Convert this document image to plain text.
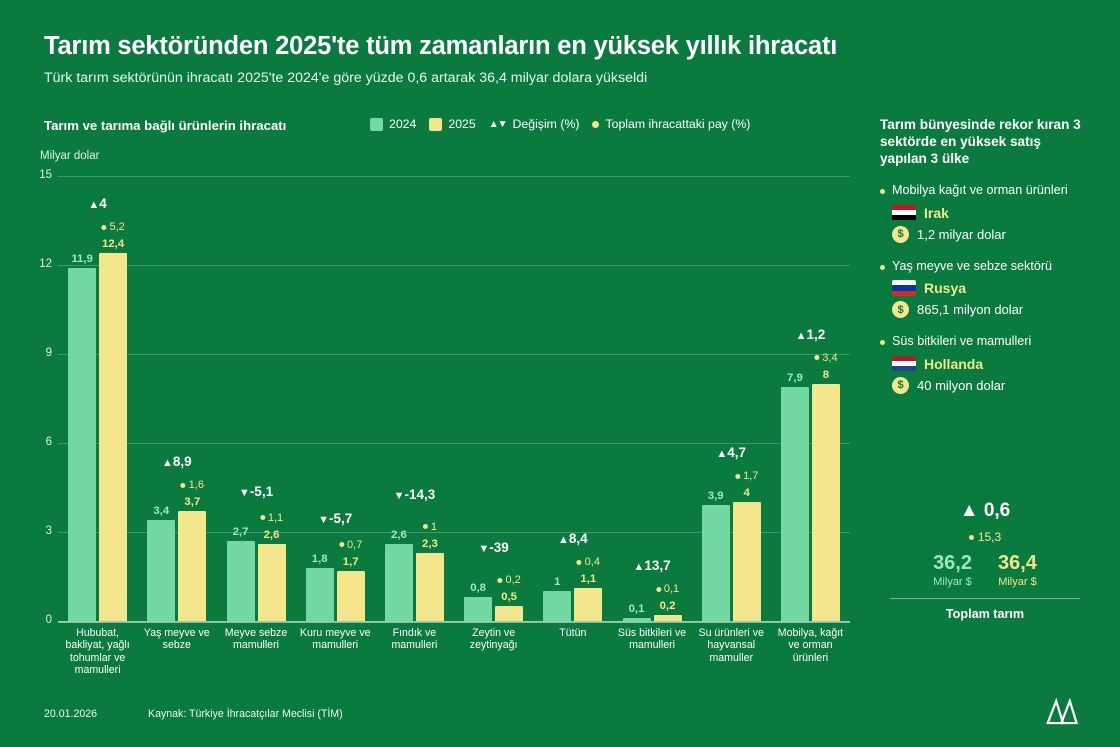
Tarım sektöründen 2025'te tüm zamanların en yüksek yıllık ihracatı
Türk tarım sektörünün ihracatı 2025'te 2024'e göre yüzde 0,6 artarak 36,4 milyar dolara yükseldi
Tarım ve tarıma bağlı ürünlerin ihracatı	2024	2025 ▲▼ Değişim (%) Toplam ihracattaki pay (%)
Milyar dolar
0
3
6
9
12
15
11,9
12,4
5,2
▲4
3,4
3,7
1,6
▲8,9
2,7 2,6
1,1
▼-5,1
1,8 1,7
0,7
▼-5,7
2,6
2,3
1
▼-14,3
0,8
0,5
0,2
▼-39
1 1,1
0,4
▲8,4
0,1 0,2
0,1
▲13,7
3,9 4
1,7
▲4,7
7,9 8
3,4
▲1,2
Hububat, bakliyat, yağlı tohumlar ve mamulleri
Yaş meyve ve sebze
Meyve sebze mamulleri
Kuru meyve ve mamulleri
Fındık ve mamulleri
Zeytin ve zeytinyağı
Tütün	Süs bitkileri ve mamulleri
Su ürünleri ve hayvansal mamuller
Mobilya, kağıt ve orman ürünleri
Tarım bünyesinde rekor kıran 3 sektörde en yüksek satış yapılan 3 ülke
Mobilya kağıt ve orman ürünleri
Irak
$	1,2 milyar dolar
Yaş meyve ve sebze sektörü
Rusya
$	865,1 milyon dolar
Süs bitkileri ve mamulleri
Hollanda
$	40 milyon dolar
▲ 0,6
15,3
36,2
Milyar $
36,4
Milyar $
Toplam tarım
20.01.2026	Kaynak: Türkiye İhracatçılar Meclisi (TİM)
